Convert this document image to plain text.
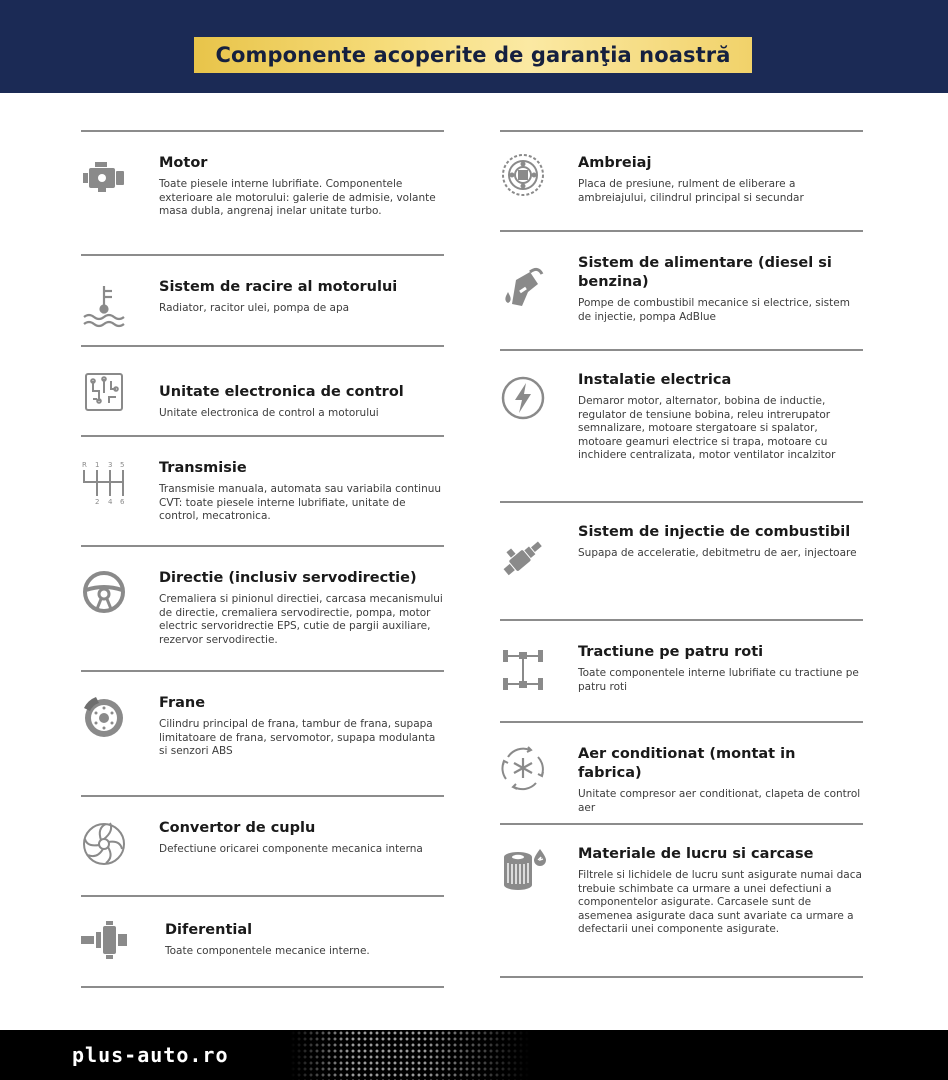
Componente acoperite de garanţia noastră
Motor
Toate piesele interne lubrifiate. Componentele exterioare ale motorului: galerie de admisie, volante masa dubla, angrenaj inelar unitate turbo.
Sistem de racire al motorului
Radiator, racitor ulei, pompa de apa
Unitate electronica de control
Unitate electronica de control a motorului
R 1 3 5
2 4 6
Transmisie
Transmisie manuala, automata sau variabila continuu CVT: toate piesele interne lubrifiate, unitate de control, mecatronica.
Directie (inclusiv servodirectie)
Cremaliera si pinionul directiei, carcasa mecanismului de directie, cremaliera servodirectie, pompa, motor electric servoridrectie EPS, cutie de pargii auxiliare, rezervor servodirectie.
Frane
Cilindru principal de frana, tambur de frana, supapa limitatoare de frana, servomotor, supapa modulanta si senzori ABS
Convertor de cuplu
Defectiune oricarei componente mecanica interna
Diferential
Toate componentele mecanice interne.
Ambreiaj
Placa de presiune, rulment de eliberare a ambreiajului, cilindrul principal si secundar
Sistem de alimentare (diesel si benzina)
Pompe de combustibil mecanice si electrice, sistem de injectie, pompa AdBlue
Instalatie electrica
Demaror motor, alternator, bobina de inductie, regulator de tensiune bobina, releu intrerupator semnalizare, motoare stergatoare si spalator, motoare geamuri electrice si trapa, motoare cu inchidere centralizata, motor ventilator incalzitor
Sistem de injectie de combustibil
Supapa de acceleratie, debitmetru de aer, injectoare
Tractiune pe patru roti
Toate componentele interne lubrifiate cu tractiune pe patru roti
Aer conditionat (montat in fabrica)
Unitate compresor aer conditionat, clapeta de control aer
Materiale de lucru si carcase
Filtrele si lichidele de lucru sunt asigurate numai daca trebuie schimbate ca urmare a unei defectiuni a componentelor asigurate. Carcasele sunt de asemenea asigurate daca sunt avariate ca urmare a defectarii unei componente asigurate.
plus-auto.ro
